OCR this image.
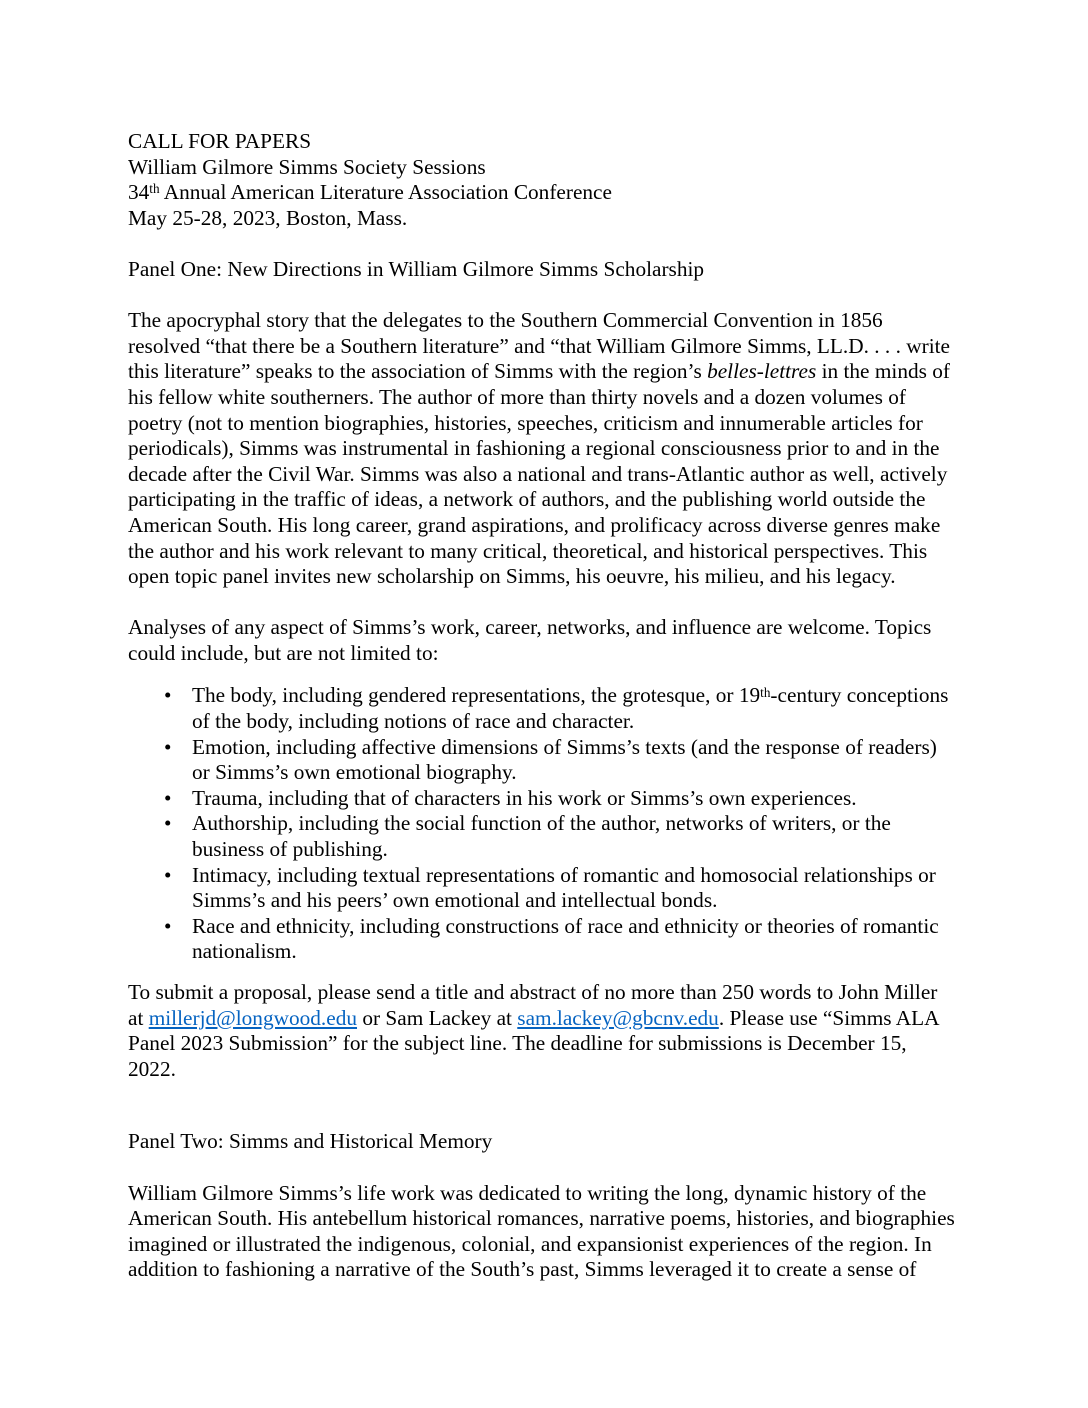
CALL FOR PAPERS
William Gilmore Simms Society Sessions
34th Annual American Literature Association Conference
May 25-28, 2023, Boston, Mass.

Panel One: New Directions in William Gilmore Simms Scholarship

The apocryphal story that the delegates to the Southern Commercial Convention in 1856 resolved “that there be a Southern literature” and “that William Gilmore Simms, LL.D. . . . write this literature” speaks to the association of Simms with the region’s belles-lettres in the minds of his fellow white southerners. The author of more than thirty novels and a dozen volumes of poetry (not to mention biographies, histories, speeches, criticism and innumerable articles for periodicals), Simms was instrumental in fashioning a regional consciousness prior to and in the decade after the Civil War. Simms was also a national and trans-Atlantic author as well, actively participating in the traffic of ideas, a network of authors, and the publishing world outside the American South. His long career, grand aspirations, and prolificacy across diverse genres make the author and his work relevant to many critical, theoretical, and historical perspectives. This open topic panel invites new scholarship on Simms, his oeuvre, his milieu, and his legacy.

Analyses of any aspect of Simms’s work, career, networks, and influence are welcome. Topics could include, but are not limited to:

• The body, including gendered representations, the grotesque, or 19th-century conceptions of the body, including notions of race and character.
• Emotion, including affective dimensions of Simms’s texts (and the response of readers) or Simms’s own emotional biography.
• Trauma, including that of characters in his work or Simms’s own experiences.
• Authorship, including the social function of the author, networks of writers, or the business of publishing.
• Intimacy, including textual representations of romantic and homosocial relationships or Simms’s and his peers’ own emotional and intellectual bonds.
• Race and ethnicity, including constructions of race and ethnicity or theories of romantic nationalism.

To submit a proposal, please send a title and abstract of no more than 250 words to John Miller at millerjd@longwood.edu or Sam Lackey at sam.lackey@gbcnv.edu. Please use “Simms ALA Panel 2023 Submission” for the subject line. The deadline for submissions is December 15, 2022.

Panel Two: Simms and Historical Memory

William Gilmore Simms’s life work was dedicated to writing the long, dynamic history of the American South. His antebellum historical romances, narrative poems, histories, and biographies imagined or illustrated the indigenous, colonial, and expansionist experiences of the region. In addition to fashioning a narrative of the South’s past, Simms leveraged it to create a sense of
